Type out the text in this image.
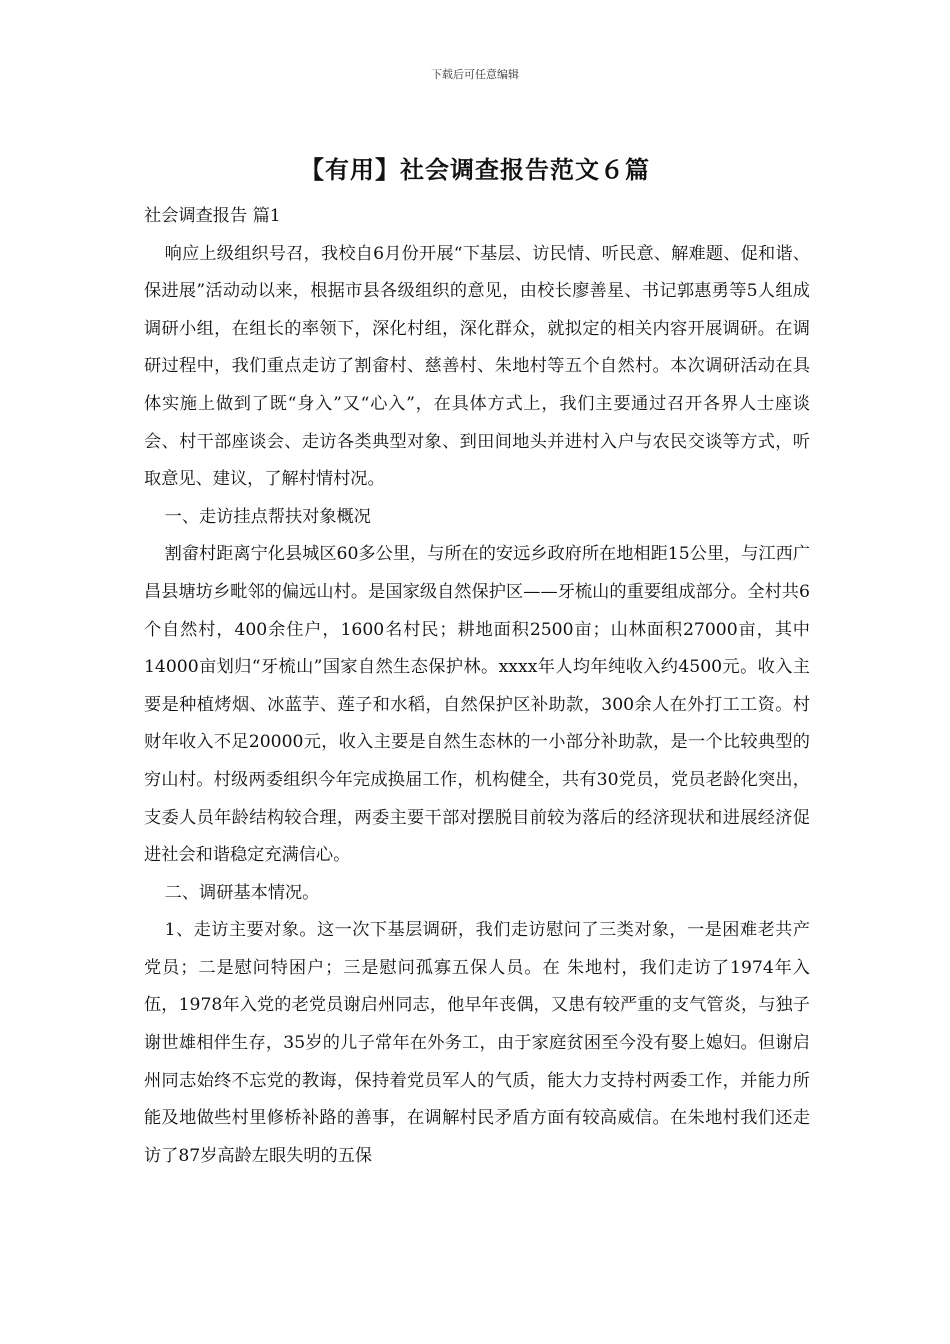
下载后可任意编辑
【有用】社会调查报告范文６篇

社会调查报告 篇1

响应上级组织号召，我校自6月份开展“下基层、访民情、听民意、解难题、促和谐、保进展”活动动以来，根据市县各级组织的意见，由校长廖善星、书记郭惠勇等5人组成调研小组，在组长的率领下，深化村组，深化群众，就拟定的相关内容开展调研。在调研过程中，我们重点走访了割畲村、慈善村、朱地村等五个自然村。本次调研活动在具体实施上做到了既“身入”又“心入”，在具体方式上，我们主要通过召开各界人士座谈会、村干部座谈会、走访各类典型对象、到田间地头并进村入户与农民交谈等方式，听取意见、建议，了解村情村况。

一、走访挂点帮扶对象概况

割畲村距离宁化县城区60多公里，与所在的安远乡政府所在地相距15公里，与江西广昌县塘坊乡毗邻的偏远山村。是国家级自然保护区——牙梳山的重要组成部分。全村共6个自然村，400余住户，1600名村民；耕地面积2500亩；山林面积27000亩，其中14000亩划归“牙梳山”国家自然生态保护林。xxxx年人均年纯收入约4500元。收入主要是种植烤烟、冰蓝芋、莲子和水稻，自然保护区补助款，300余人在外打工工资。村财年收入不足20000元，收入主要是自然生态林的一小部分补助款，是一个比较典型的穷山村。村级两委组织今年完成换届工作，机构健全，共有30党员，党员老龄化突出，支委人员年龄结构较合理，两委主要干部对摆脱目前较为落后的经济现状和进展经济促进社会和谐稳定充满信心。

二、调研基本情况。

1、走访主要对象。这一次下基层调研，我们走访慰问了三类对象，一是困难老共产党员；二是慰问特困户；三是慰问孤寡五保人员。在 朱地村，我们走访了1974年入伍，1978年入党的老党员谢启州同志，他早年丧偶，又患有较严重的支气管炎，与独子谢世雄相伴生存，35岁的儿子常年在外务工，由于家庭贫困至今没有娶上媳妇。但谢启州同志始终不忘党的教诲，保持着党员军人的气质，能大力支持村两委工作，并能力所能及地做些村里修桥补路的善事，在调解村民矛盾方面有较高威信。在朱地村我们还走访了87岁高龄左眼失明的五保
